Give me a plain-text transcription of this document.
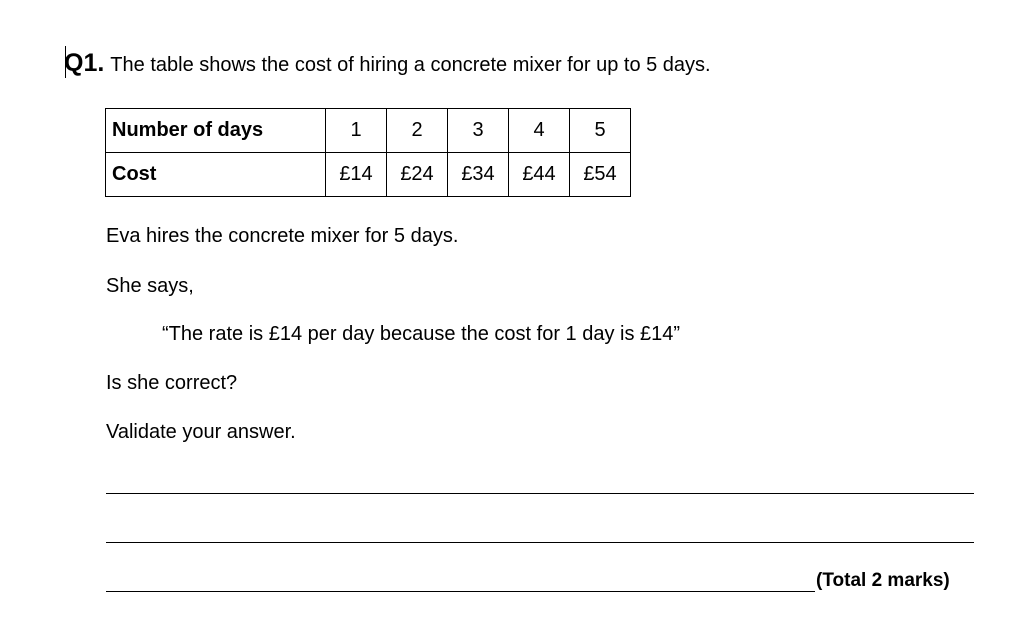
Q1. The table shows the cost of hiring a concrete mixer for up to 5 days.
Number of days	1	2	3	4	5
Cost	£14	£24	£34	£44	£54
Eva hires the concrete mixer for 5 days.
She says,
“The rate is £14 per day because the cost for 1 day is £14”
Is she correct?
Validate your answer.
(Total 2 marks)
